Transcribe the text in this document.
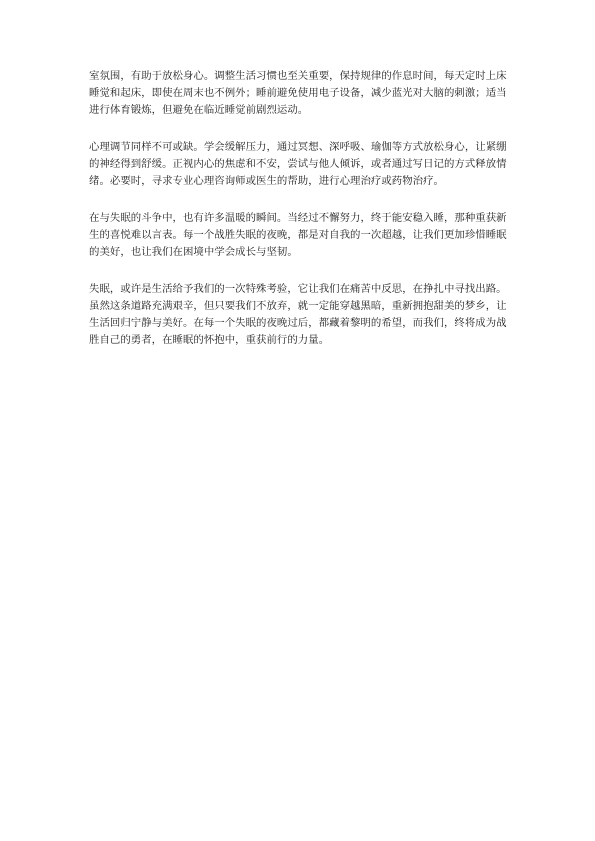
室氛围，有助于放松身心。调整生活习惯也至关重要，保持规律的作息时间，每天定时上床睡觉和起床，即使在周末也不例外；睡前避免使用电子设备，减少蓝光对大脑的刺激；适当进行体育锻炼，但避免在临近睡觉前剧烈运动。

心理调节同样不可或缺。学会缓解压力，通过冥想、深呼吸、瑜伽等方式放松身心，让紧绷的神经得到舒缓。正视内心的焦虑和不安，尝试与他人倾诉，或者通过写日记的方式释放情绪。必要时，寻求专业心理咨询师或医生的帮助，进行心理治疗或药物治疗。

在与失眠的斗争中，也有许多温暖的瞬间。当经过不懈努力，终于能安稳入睡，那种重获新生的喜悦难以言表。每一个战胜失眠的夜晚，都是对自我的一次超越，让我们更加珍惜睡眠的美好，也让我们在困境中学会成长与坚韧。

失眠，或许是生活给予我们的一次特殊考验，它让我们在痛苦中反思，在挣扎中寻找出路。虽然这条道路充满艰辛，但只要我们不放弃，就一定能穿越黑暗，重新拥抱甜美的梦乡，让生活回归宁静与美好。在每一个失眠的夜晚过后，都藏着黎明的希望，而我们，终将成为战胜自己的勇者，在睡眠的怀抱中，重获前行的力量。
